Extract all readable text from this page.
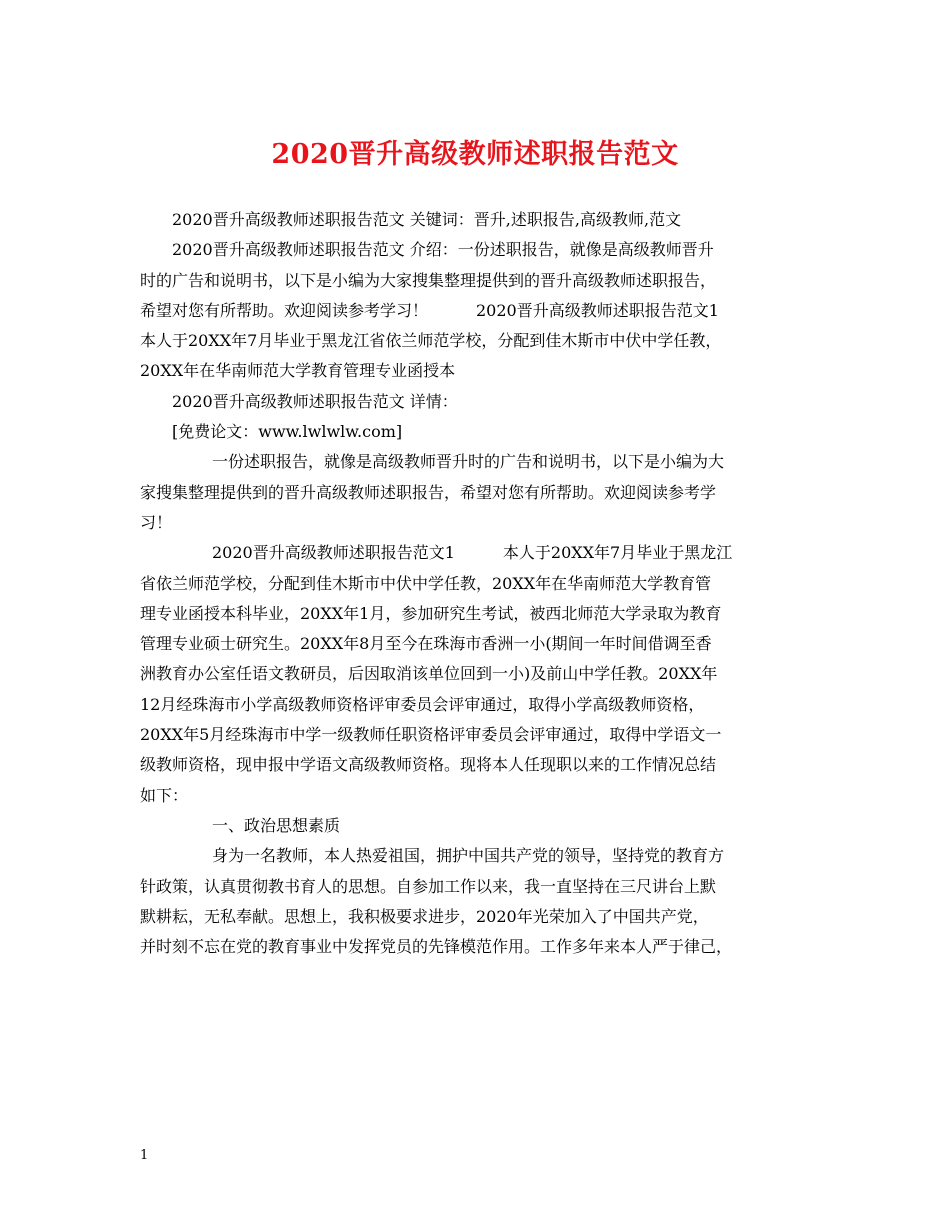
2020晋升高级教师述职报告范文
2020晋升高级教师述职报告范文 关键词：晋升,述职报告,高级教师,范文
2020晋升高级教师述职报告范文 介绍：一份述职报告，就像是高级教师晋升
时的广告和说明书，以下是小编为大家搜集整理提供到的晋升高级教师述职报告，
希望对您有所帮助。欢迎阅读参考学习！　　　2020晋升高级教师述职报告范文1
本人于20XX年7月毕业于黑龙江省依兰师范学校，分配到佳木斯市中伏中学任教，
20XX年在华南师范大学教育管理专业函授本
2020晋升高级教师述职报告范文 详情：
[免费论文：www.lwlwlw.com]
一份述职报告，就像是高级教师晋升时的广告和说明书，以下是小编为大
家搜集整理提供到的晋升高级教师述职报告，希望对您有所帮助。欢迎阅读参考学
习！
2020晋升高级教师述职报告范文1　　　本人于20XX年7月毕业于黑龙江
省依兰师范学校，分配到佳木斯市中伏中学任教，20XX年在华南师范大学教育管
理专业函授本科毕业，20XX年1月，参加研究生考试，被西北师范大学录取为教育
管理专业硕士研究生。20XX年8月至今在珠海市香洲一小(期间一年时间借调至香
洲教育办公室任语文教研员，后因取消该单位回到一小)及前山中学任教。20XX年
12月经珠海市小学高级教师资格评审委员会评审通过，取得小学高级教师资格，
20XX年5月经珠海市中学一级教师任职资格评审委员会评审通过，取得中学语文一
级教师资格，现申报中学语文高级教师资格。现将本人任现职以来的工作情况总结
如下：
一、政治思想素质
身为一名教师，本人热爱祖国，拥护中国共产党的领导，坚持党的教育方
针政策，认真贯彻教书育人的思想。自参加工作以来，我一直坚持在三尺讲台上默
默耕耘，无私奉献。思想上，我积极要求进步，2020年光荣加入了中国共产党，
并时刻不忘在党的教育事业中发挥党员的先锋模范作用。工作多年来本人严于律己，
1
